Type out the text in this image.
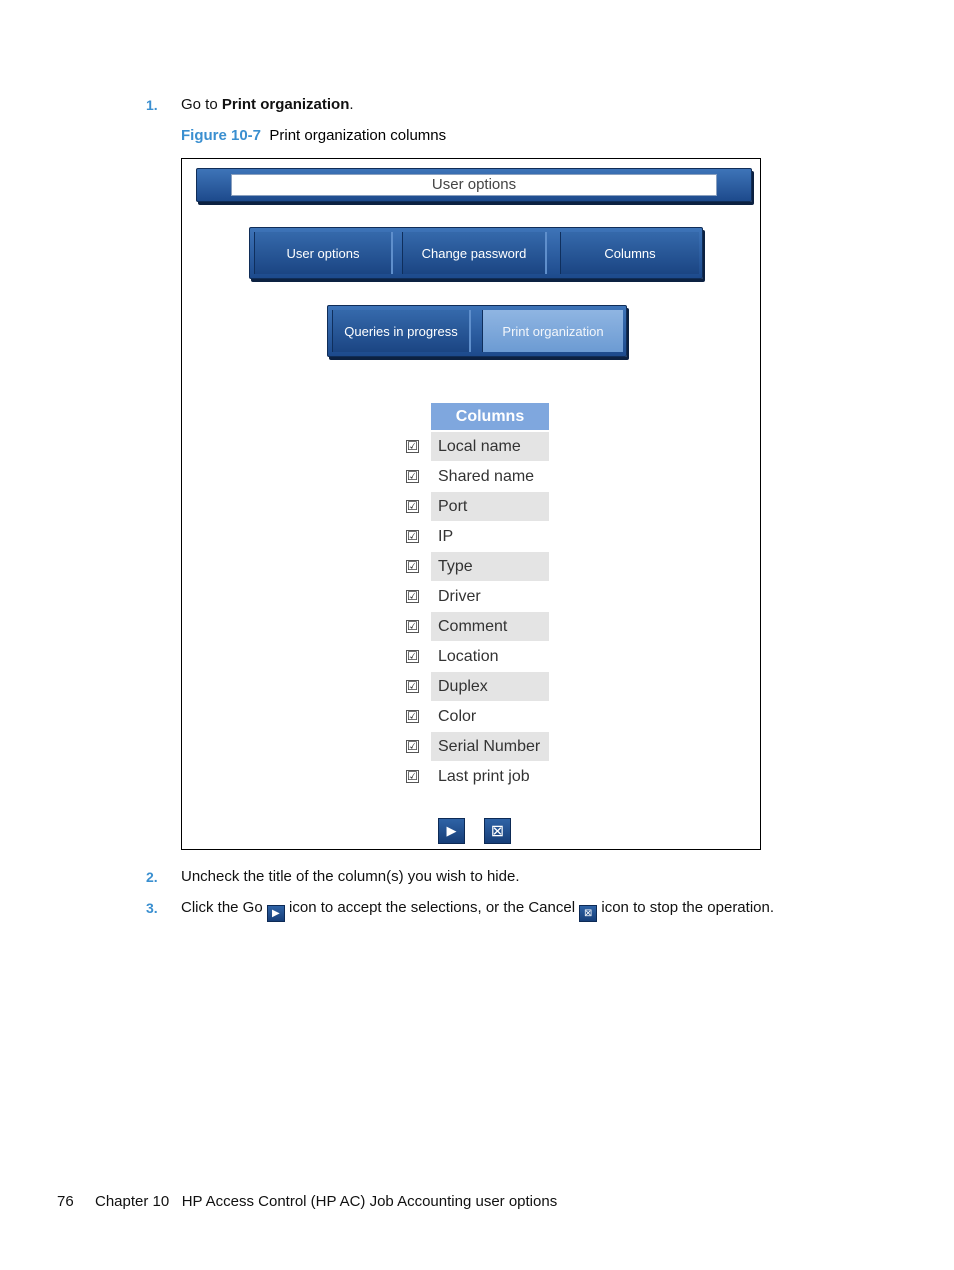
1. Go to Print organization.
Figure 10-7 Print organization columns
User options
User options	Change password	Columns
Queries in progress	Print organization
Columns
☑	Local name
☑	Shared name
☑	Port
☑	IP
☑	Type
☑	Driver
☑	Comment
☑	Location
☑	Duplex
☑	Color
☑	Serial Number
☑	Last print job
▶ ⊠
2. Uncheck the title of the column(s) you wish to hide.
3. Click the Go ▶ icon to accept the selections, or the Cancel ⊠ icon to stop the operation.
76 Chapter 10   HP Access Control (HP AC) Job Accounting user options
